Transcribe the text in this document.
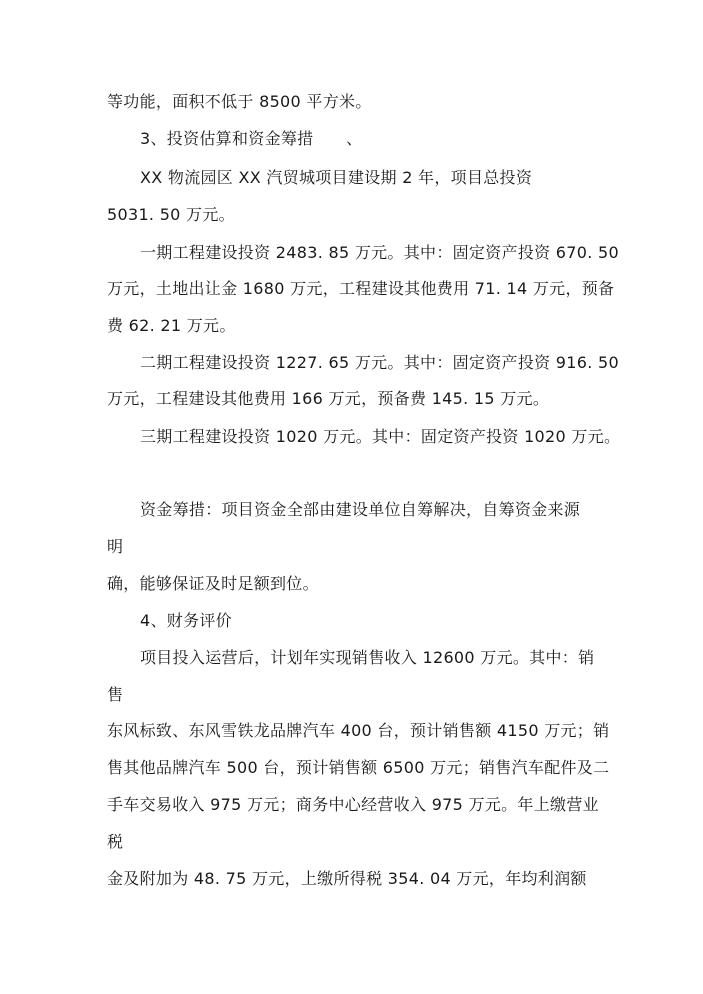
等功能，面积不低于 8500 平方米。
3、投资估算和资金筹措　　、
XX 物流园区 XX 汽贸城项目建设期 2 年，项目总投资
5031. 50 万元。
一期工程建设投资 2483. 85 万元。其中：固定资产投资 670. 50
万元，土地出让金 1680 万元，工程建设其他费用 71. 14 万元，预备
费 62. 21 万元。
二期工程建设投资 1227. 65 万元。其中：固定资产投资 916. 50
万元，工程建设其他费用 166 万元，预备费 145. 15 万元。
三期工程建设投资 1020 万元。其中：固定资产投资 1020 万元。
资金筹措：项目资金全部由建设单位自筹解决，自筹资金来源
明
确，能够保证及时足额到位。
4、财务评价
项目投入运营后，计划年实现销售收入 12600 万元。其中：销
售
东风标致、东风雪铁龙品牌汽车 400 台，预计销售额 4150 万元；销
售其他品牌汽车 500 台，预计销售额 6500 万元；销售汽车配件及二
手车交易收入 975 万元；商务中心经营收入 975 万元。年上缴营业
税
金及附加为 48. 75 万元，上缴所得税 354. 04 万元，年均利润额
